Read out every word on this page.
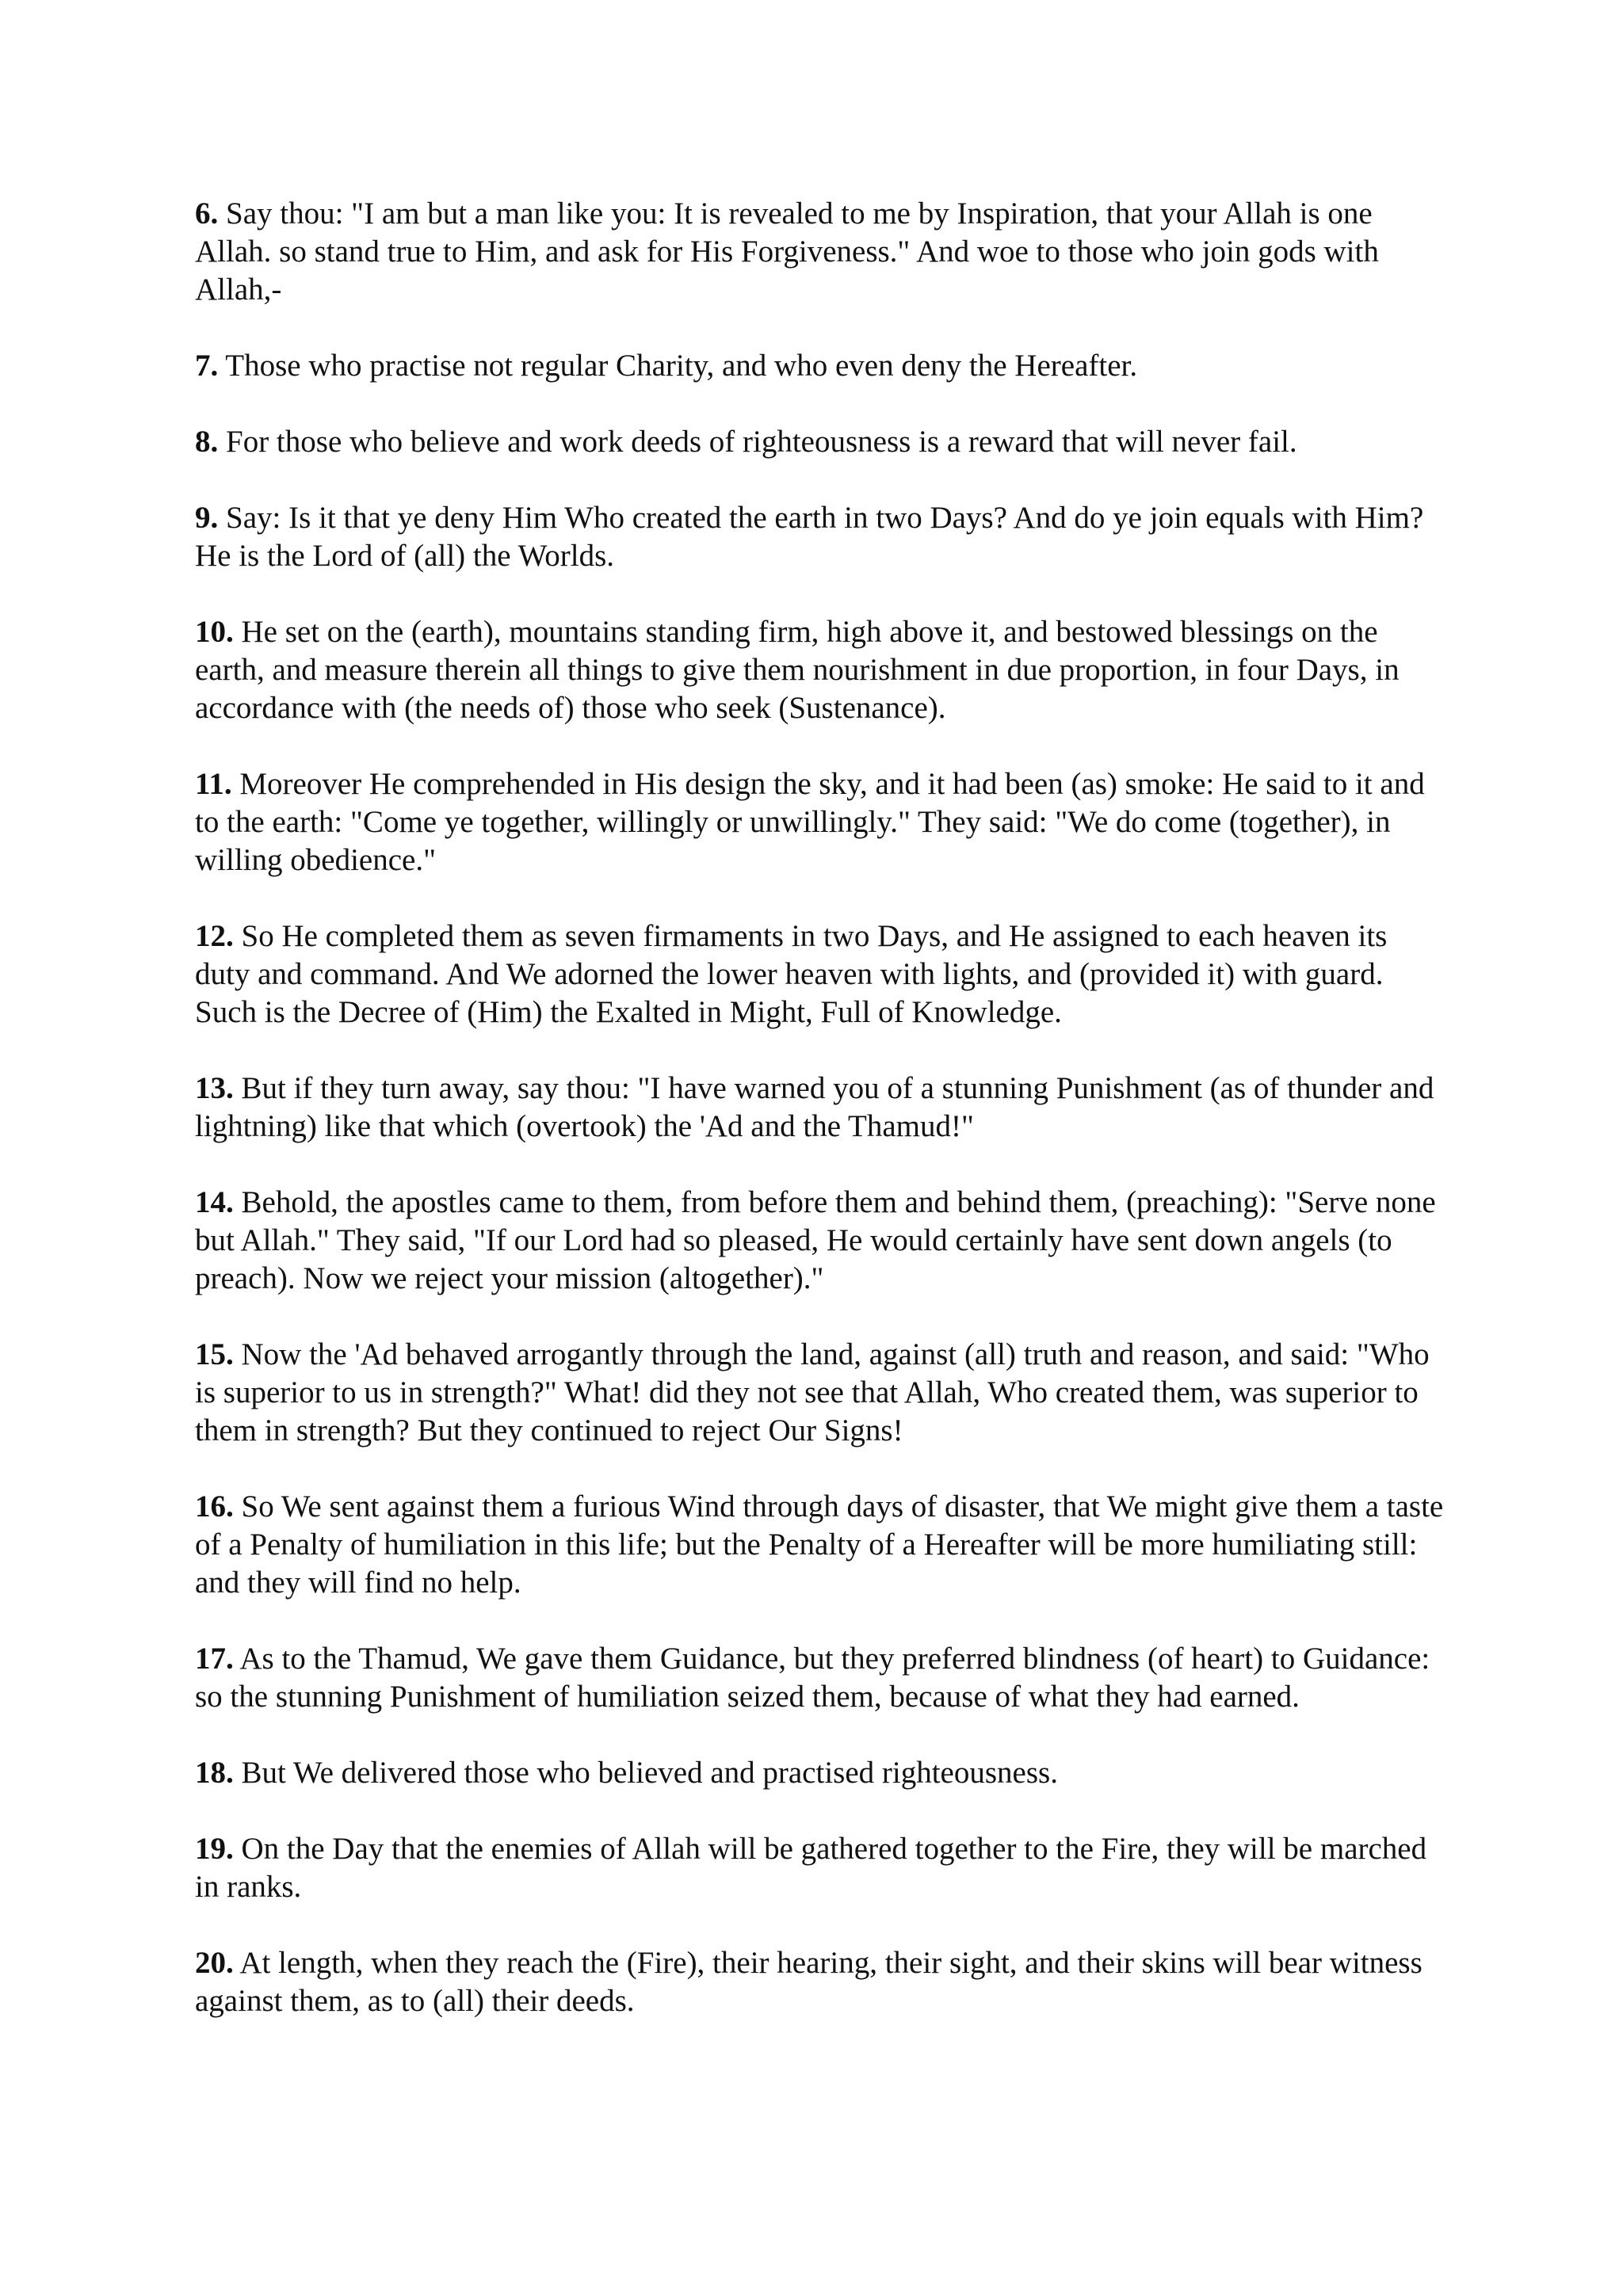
6. Say thou: "I am but a man like you: It is revealed to me by Inspiration, that your Allah is one Allah. so stand true to Him, and ask for His Forgiveness." And woe to those who join gods with Allah,-

7. Those who practise not regular Charity, and who even deny the Hereafter.

8. For those who believe and work deeds of righteousness is a reward that will never fail.

9. Say: Is it that ye deny Him Who created the earth in two Days? And do ye join equals with Him? He is the Lord of (all) the Worlds.

10. He set on the (earth), mountains standing firm, high above it, and bestowed blessings on the earth, and measure therein all things to give them nourishment in due proportion, in four Days, in accordance with (the needs of) those who seek (Sustenance).

11. Moreover He comprehended in His design the sky, and it had been (as) smoke: He said to it and to the earth: "Come ye together, willingly or unwillingly." They said: "We do come (together), in willing obedience."

12. So He completed them as seven firmaments in two Days, and He assigned to each heaven its duty and command. And We adorned the lower heaven with lights, and (provided it) with guard. Such is the Decree of (Him) the Exalted in Might, Full of Knowledge.

13. But if they turn away, say thou: "I have warned you of a stunning Punishment (as of thunder and lightning) like that which (overtook) the 'Ad and the Thamud!"

14. Behold, the apostles came to them, from before them and behind them, (preaching): "Serve none but Allah." They said, "If our Lord had so pleased, He would certainly have sent down angels (to preach). Now we reject your mission (altogether)."

15. Now the 'Ad behaved arrogantly through the land, against (all) truth and reason, and said: "Who is superior to us in strength?" What! did they not see that Allah, Who created them, was superior to them in strength? But they continued to reject Our Signs!

16. So We sent against them a furious Wind through days of disaster, that We might give them a taste of a Penalty of humiliation in this life; but the Penalty of a Hereafter will be more humiliating still: and they will find no help.

17. As to the Thamud, We gave them Guidance, but they preferred blindness (of heart) to Guidance: so the stunning Punishment of humiliation seized them, because of what they had earned.

18. But We delivered those who believed and practised righteousness.

19. On the Day that the enemies of Allah will be gathered together to the Fire, they will be marched in ranks.

20. At length, when they reach the (Fire), their hearing, their sight, and their skins will bear witness against them, as to (all) their deeds.
